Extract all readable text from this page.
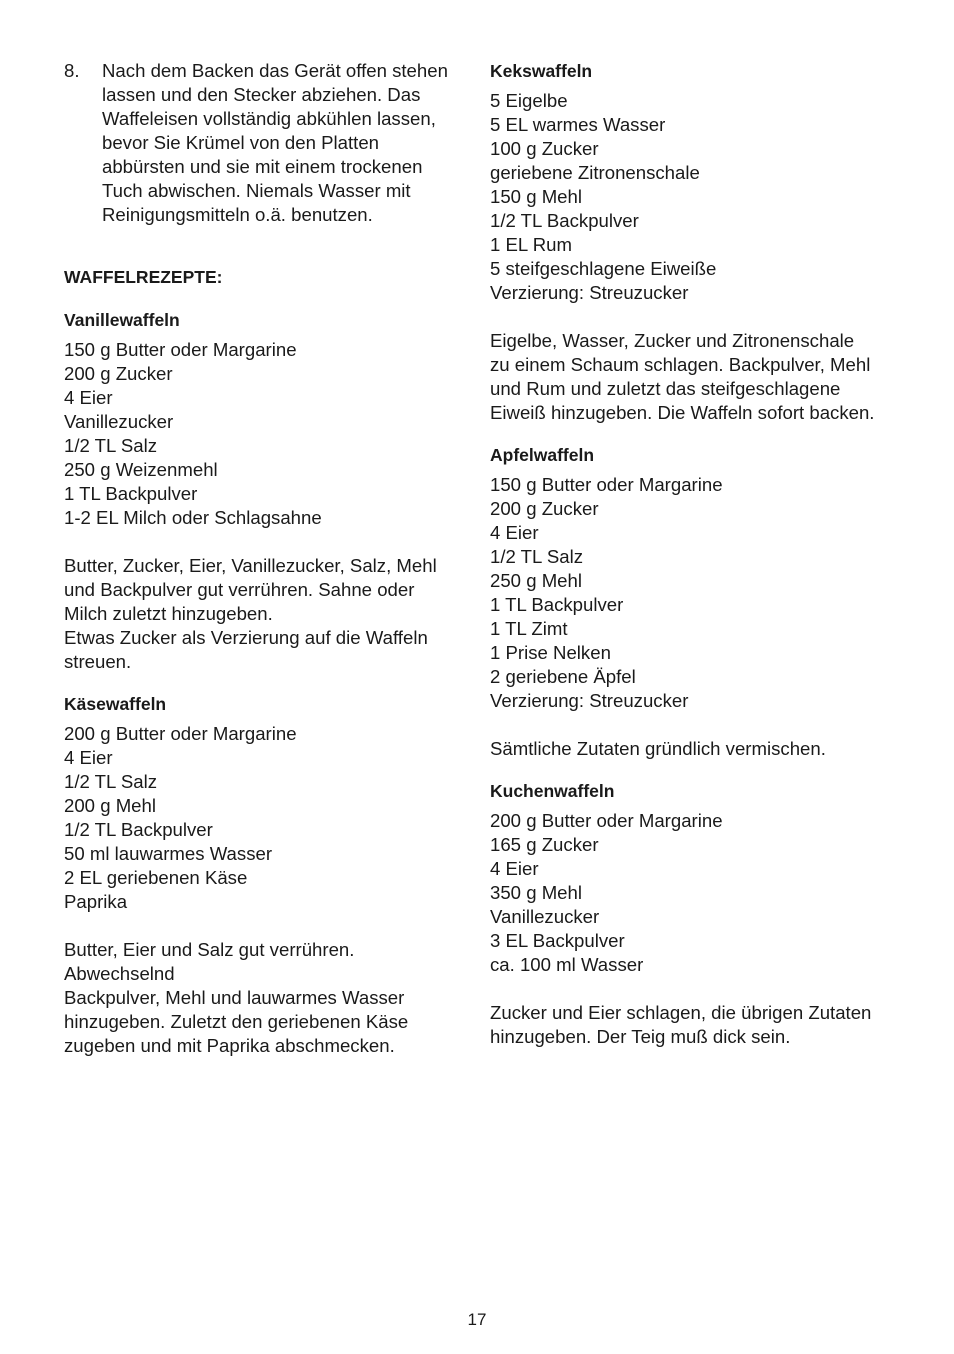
8.	Nach dem Backen das Gerät offen stehen
lassen und den Stecker abziehen. Das
Waffeleisen vollständig abkühlen lassen,
bevor Sie Krümel von den Platten
abbürsten und sie mit einem trockenen
Tuch abwischen. Niemals Wasser mit
Reinigungsmitteln o.ä. benutzen.

WAFFELREZEPTE:

Vanillewaffeln

150 g Butter oder Margarine
200 g Zucker
4 Eier
Vanillezucker
1/2 TL Salz
250 g Weizenmehl
1 TL Backpulver
1-2 EL Milch oder Schlagsahne
Butter, Zucker, Eier, Vanillezucker, Salz, Mehl
und Backpulver gut verrühren. Sahne oder
Milch zuletzt hinzugeben.
Etwas Zucker als Verzierung auf die Waffeln
streuen.

Käsewaffeln

200 g Butter oder Margarine
4 Eier
1/2 TL Salz
200 g Mehl
1/2 TL Backpulver
50 ml lauwarmes Wasser
2 EL geriebenen Käse
Paprika
Butter, Eier und Salz gut verrühren.
Abwechselnd
Backpulver, Mehl und lauwarmes Wasser
hinzugeben. Zuletzt den geriebenen Käse
zugeben und mit Paprika abschmecken.

Kekswaffeln

5 Eigelbe
5 EL warmes Wasser
100 g Zucker
geriebene Zitronenschale
150 g Mehl
1/2 TL Backpulver
1 EL Rum
5 steifgeschlagene Eiweiße
Verzierung: Streuzucker
Eigelbe, Wasser, Zucker und Zitronenschale
zu einem Schaum schlagen. Backpulver, Mehl
und Rum und zuletzt das steifgeschlagene
Eiweiß hinzugeben. Die Waffeln sofort backen.

Apfelwaffeln

150 g Butter oder Margarine
200 g Zucker
4 Eier
1/2 TL Salz
250 g Mehl
1 TL Backpulver
1 TL Zimt
1 Prise Nelken
2 geriebene Äpfel
Verzierung: Streuzucker
Sämtliche Zutaten gründlich vermischen.

Kuchenwaffeln

200 g Butter oder Margarine
165 g Zucker
4 Eier
350 g Mehl
Vanillezucker
3 EL Backpulver
ca. 100 ml Wasser
Zucker und Eier schlagen, die übrigen Zutaten
hinzugeben. Der Teig muß dick sein.
17
